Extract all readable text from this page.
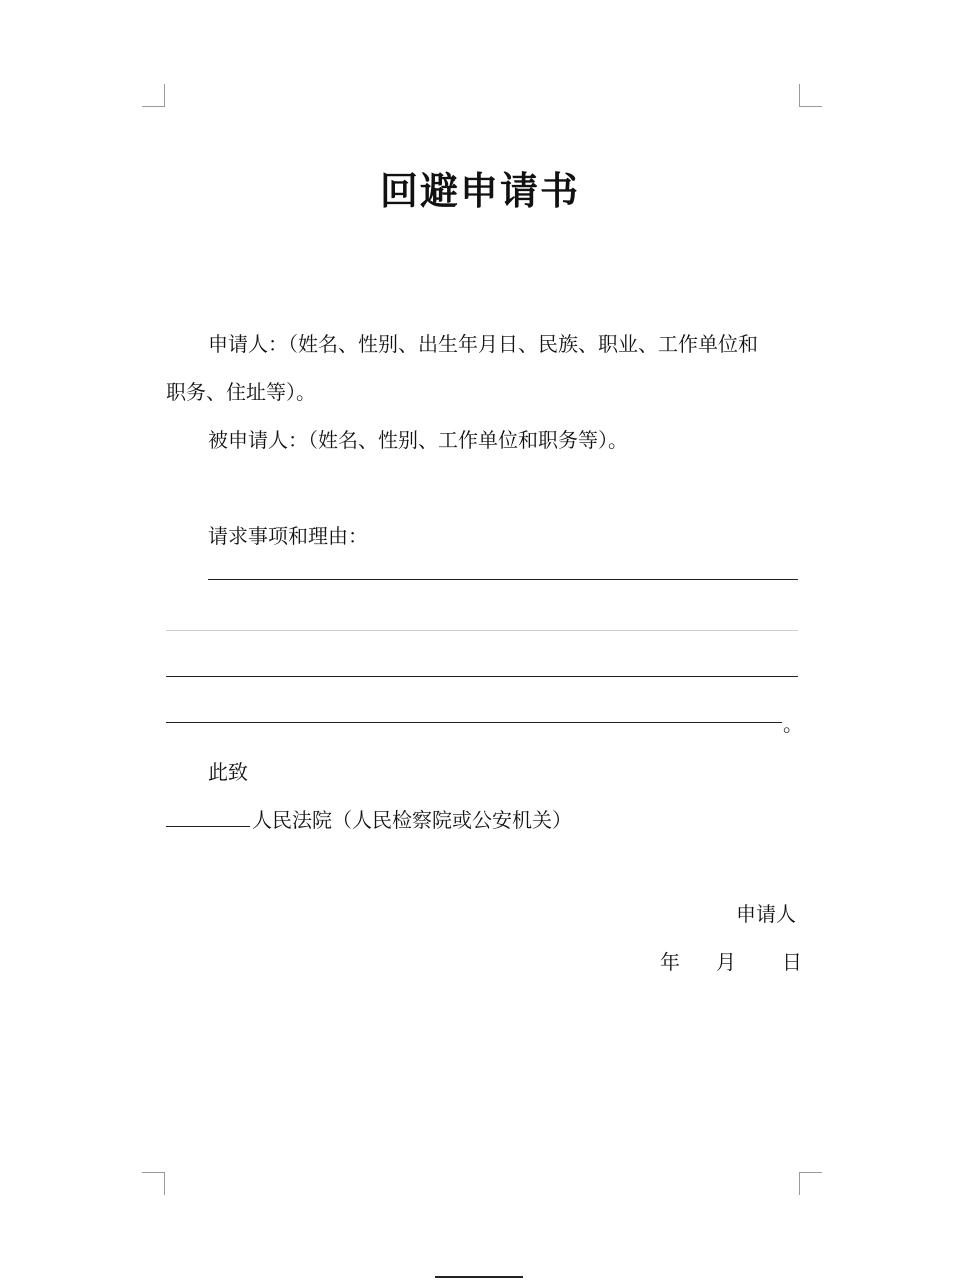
回避申请书
申请人：（姓名、性别、出生年月日、民族、职业、工作单位和
职务、住址等）。
被申请人：（姓名、性别、工作单位和职务等）。
请求事项和理由：
。
此致
人民法院（人民检察院或公安机关）
申请人
年 月 日
